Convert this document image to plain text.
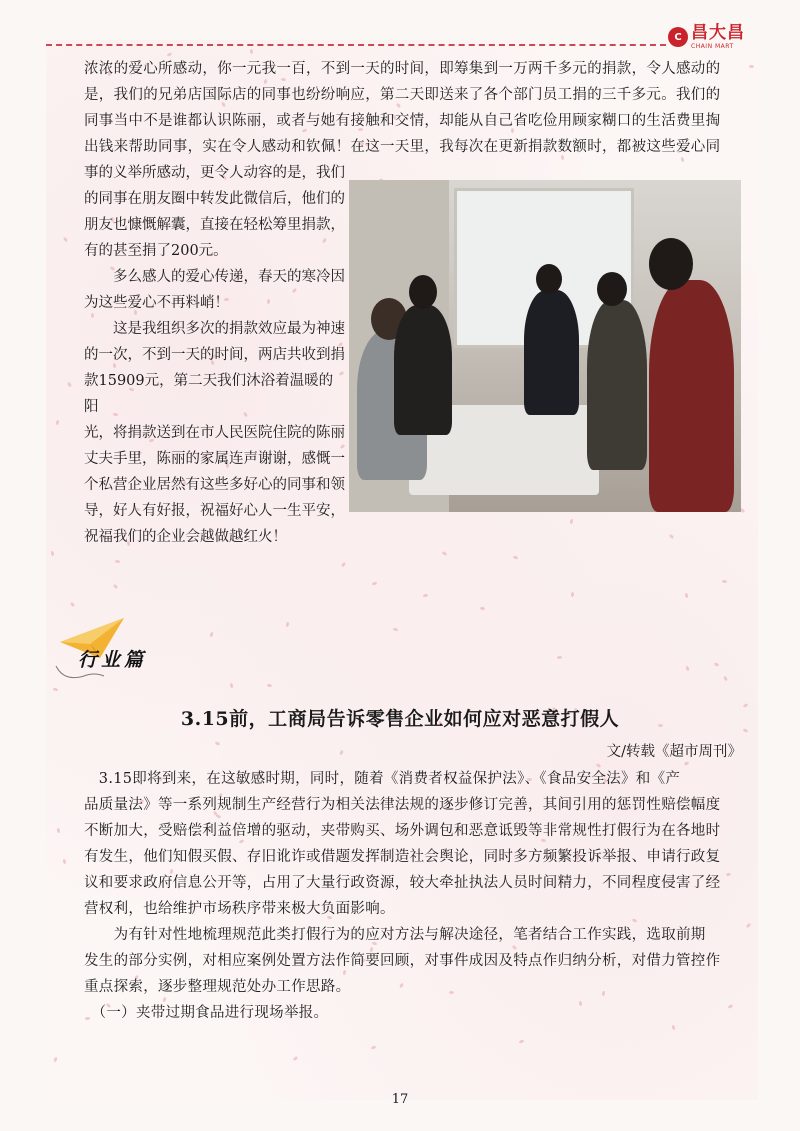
C 昌大昌
CHAIN MART
浓浓的爱心所感动，你一元我一百，不到一天的时间，即筹集到一万两千多元的捐款，令人感动的
是，我们的兄弟店国际店的同事也纷纷响应，第二天即送来了各个部门员工捐的三千多元。我们的
同事当中不是谁都认识陈丽，或者与她有接触和交情，却能从自己省吃俭用顾家糊口的生活费里掏
出钱来帮助同事，实在令人感动和钦佩！在这一天里，我每次在更新捐款数额时，都被这些爱心同
事的义举所感动，更令人动容的是，我们
的同事在朋友圈中转发此微信后，他们的
朋友也慷慨解囊，直接在轻松筹里捐款，
有的甚至捐了200元。
　　多么感人的爱心传递，春天的寒冷因
为这些爱心不再料峭！
　　这是我组织多次的捐款效应最为神速
的一次，不到一天的时间，两店共收到捐
款15909元，第二天我们沐浴着温暖的阳
光，将捐款送到在市人民医院住院的陈丽
丈夫手里，陈丽的家属连声谢谢，感慨一
个私营企业居然有这些多好心的同事和领
导，好人有好报，祝福好心人一生平安，
祝福我们的企业会越做越红火！
行业篇
3.15前，工商局告诉零售企业如何应对恶意打假人
文/转载《超市周刊》
　3.15即将到来，在这敏感时期，同时，随着《消费者权益保护法》、《食品安全法》和《产
品质量法》等一系列规制生产经营行为相关法律法规的逐步修订完善，其间引用的惩罚性赔偿幅度
不断加大，受赔偿利益倍增的驱动，夹带购买、场外调包和恶意诋毁等非常规性打假行为在各地时
有发生，他们知假买假、存旧讹诈或借题发挥制造社会舆论，同时多方频繁投诉举报、申请行政复
议和要求政府信息公开等，占用了大量行政资源，较大牵扯执法人员时间精力，不同程度侵害了经
营权利，也给维护市场秩序带来极大负面影响。
　　为有针对性地梳理规范此类打假行为的应对方法与解决途径，笔者结合工作实践，选取前期
发生的部分实例，对相应案例处置方法作简要回顾，对事件成因及特点作归纳分析，对借力管控作
重点探索，逐步整理规范处办工作思路。
　（一）夹带过期食品进行现场举报。
17
